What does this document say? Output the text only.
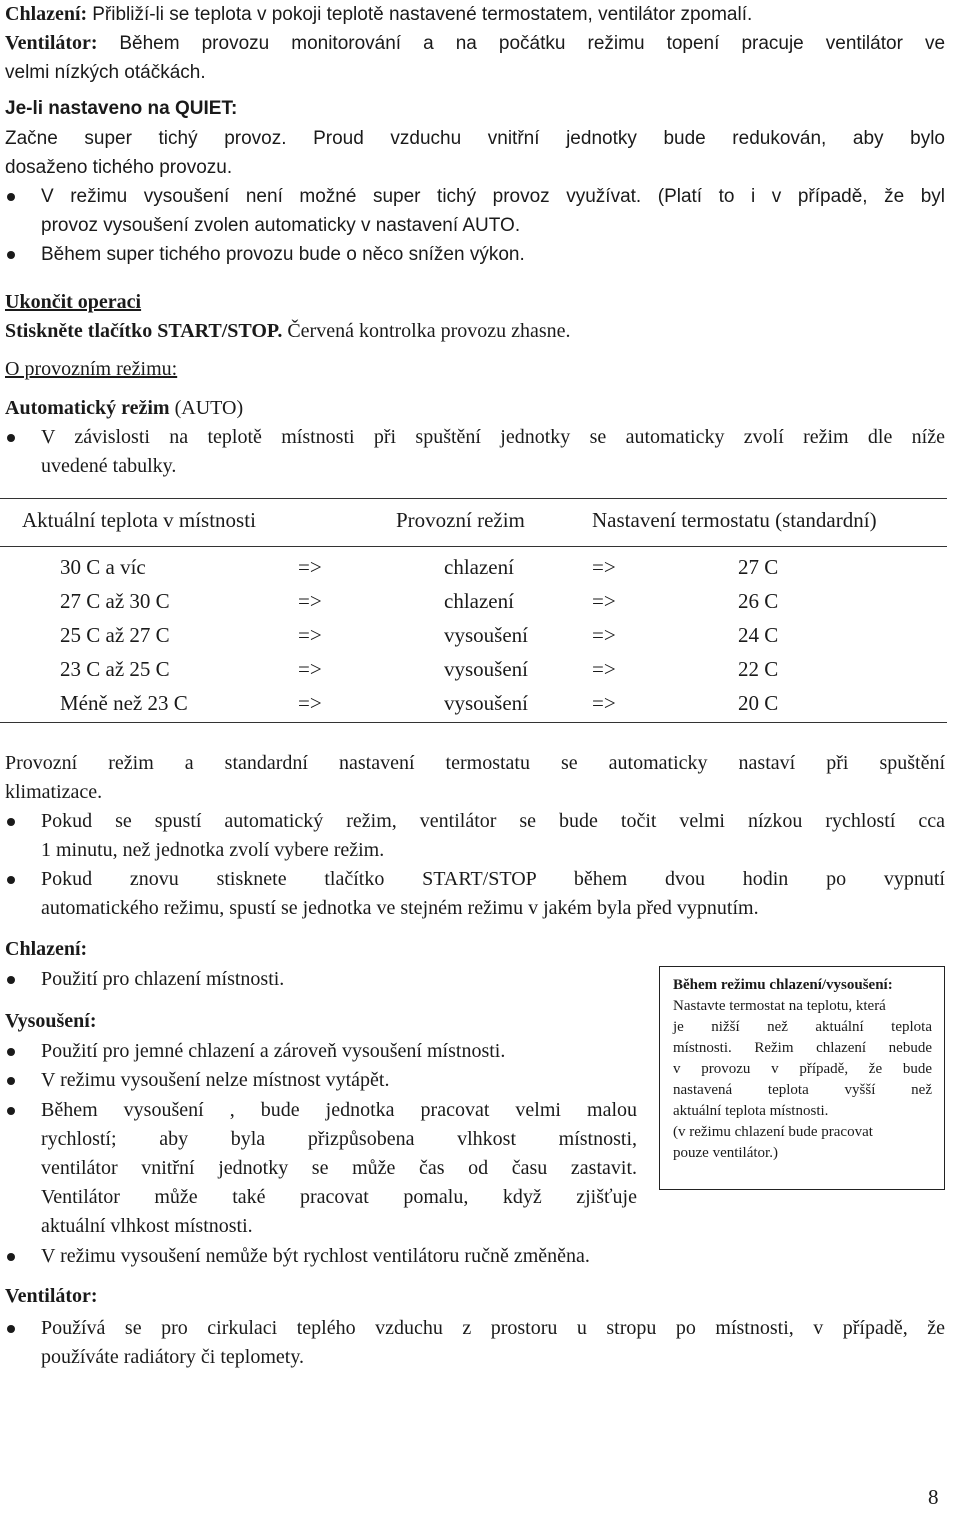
Chlazení: Přibliží-li se teplota v pokoji teplotě nastavené termostatem, ventilátor zpomalí.
Ventilátor: Během provozu monitorování a na počátku režimu topení pracuje ventilátor ve
velmi nízkých otáčkách.
Je-li nastaveno na QUIET:
Začne super tichý provoz. Proud vzduchu vnitřní jednotky bude redukován, aby bylo
dosaženo tichého provozu.
V režimu vysoušení není možné super tichý provoz využívat. (Platí to i v případě, že byl
provoz vysoušení zvolen automaticky v nastavení AUTO.
Během super tichého provozu bude o něco snížen výkon.
Ukončit operaci
Stiskněte tlačítko START/STOP. Červená kontrolka provozu zhasne.
O provozním režimu:
Automatický režim (AUTO)
V závislosti na teplotě místnosti při spuštění jednotky se automaticky zvolí režim dle níže
uvedené tabulky.
Aktuální teplota v místnosti	Provozní režim	Nastavení termostatu (standardní)
30 C a víc	=>	chlazení	=>	27 C
27 C až 30 C	=>	chlazení	=>	26 C
25 C až 27 C	=>	vysoušení	=>	24 C
23 C až 25 C	=>	vysoušení	=>	22 C
Méně než 23 C	=>	vysoušení	=>	20 C
Provozní režim a standardní nastavení termostatu se automaticky nastaví při spuštění
klimatizace.
Pokud se spustí automatický režim, ventilátor se bude točit velmi nízkou rychlostí cca
1 minutu, než jednotka zvolí vybere režim.
Pokud znovu stisknete tlačítko START/STOP během dvou hodin po vypnutí
automatického režimu, spustí se jednotka ve stejném režimu v jakém byla před vypnutím.
Chlazení:
Použití pro chlazení místnosti.
Vysoušení:
Použití pro jemné chlazení a zároveň vysoušení místnosti.
V režimu vysoušení nelze místnost vytápět.
Během vysoušení , bude jednotka pracovat velmi malou
rychlostí; aby byla přizpůsobena vlhkost místnosti,
ventilátor vnitřní jednotky se může čas od času zastavit.
Ventilátor může také pracovat pomalu, když zjišťuje
aktuální vlhkost místnosti.
V režimu vysoušení nemůže být rychlost ventilátoru ručně změněna.
Ventilátor:
Používá se pro cirkulaci teplého vzduchu z prostoru u stropu po místnosti, v případě, že
používáte radiátory či teplomety.
Během režimu chlazení/vysoušení:
Nastavte termostat na teplotu, která
je nižší než aktuální teplota
místnosti. Režim chlazení nebude
v provozu v případě, že bude
nastavená teplota vyšší než
aktuální teplota místnosti.
(v režimu chlazení bude pracovat
pouze ventilátor.)
8
